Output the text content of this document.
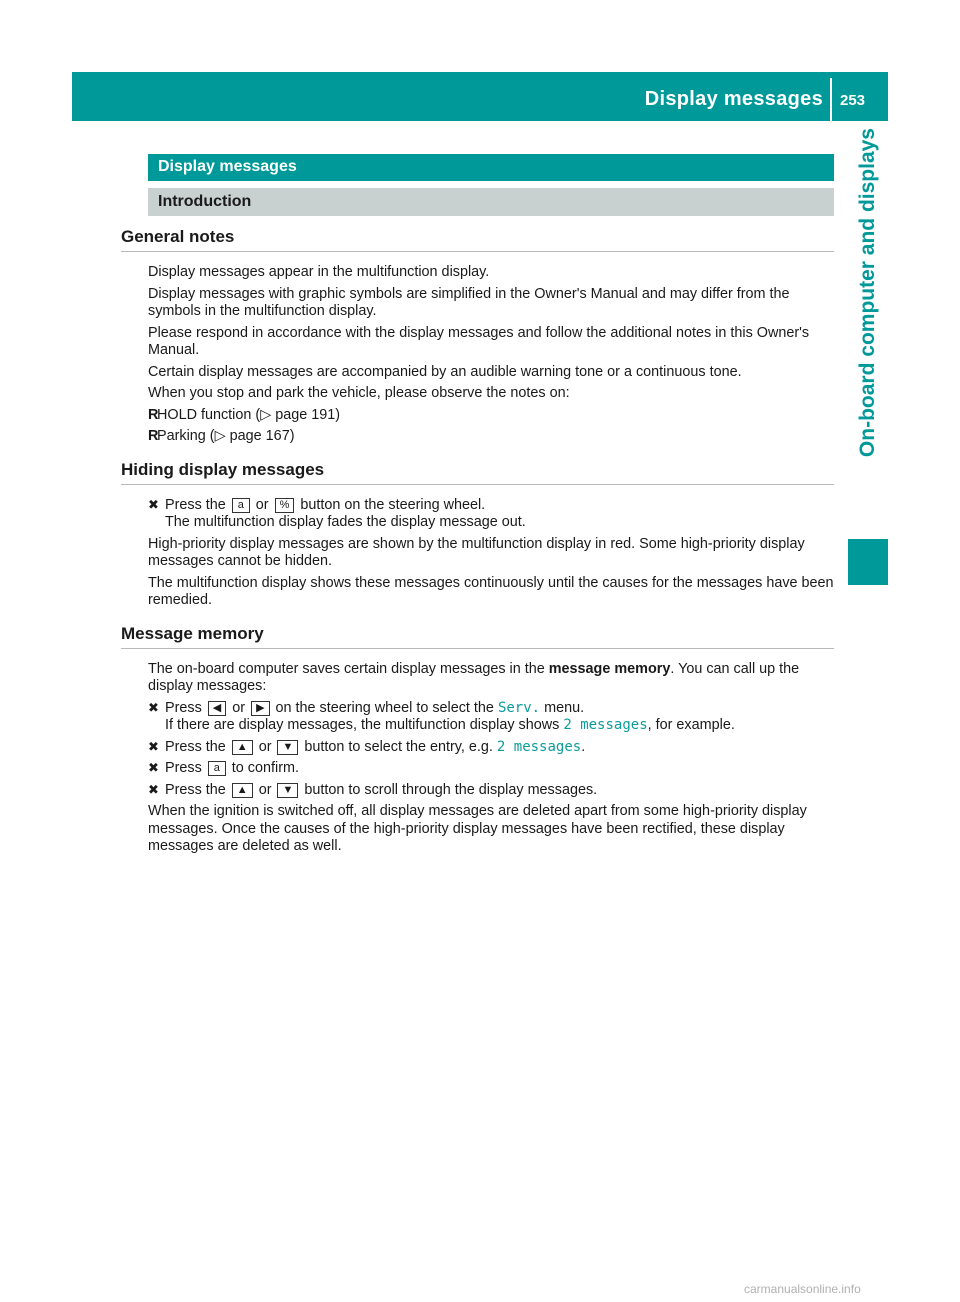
Display messages 253
On-board computer and displays
Display messages
Introduction
General notes

Display messages appear in the multifunction display.

Display messages with graphic symbols are simplified in the Owner's Manual and may differ from the symbols in the multifunction display.

Please respond in accordance with the display messages and follow the additional notes in this Owner's Manual.

Certain display messages are accompanied by an audible warning tone or a continuous tone.

When you stop and park the vehicle, please observe the notes on:

R
HOLD function (▷ page 191)
R
Parking (▷ page 167)
Hiding display messages
✖ Press the a or % button on the steering wheel.
The multifunction display fades the display message out.

High-priority display messages are shown by the multifunction display in red. Some high-priority display messages cannot be hidden.

The multifunction display shows these messages continuously until the causes for the messages have been remedied.

Message memory

The on-board computer saves certain display messages in the message memory. You can call up the display messages:

✖ Press ◀ or ▶ on the steering wheel to select the Serv. menu.
If there are display messages, the multifunction display shows 2 messages, for example.
✖ Press the ▲ or ▼ button to select the entry, e.g. 2 messages.
✖ Press a to confirm.
✖ Press the ▲ or ▼ button to scroll through the display messages.

When the ignition is switched off, all display messages are deleted apart from some high-priority display messages. Once the causes of the high-priority display messages have been rectified, these display messages are deleted as well.

carmanualsonline.info
